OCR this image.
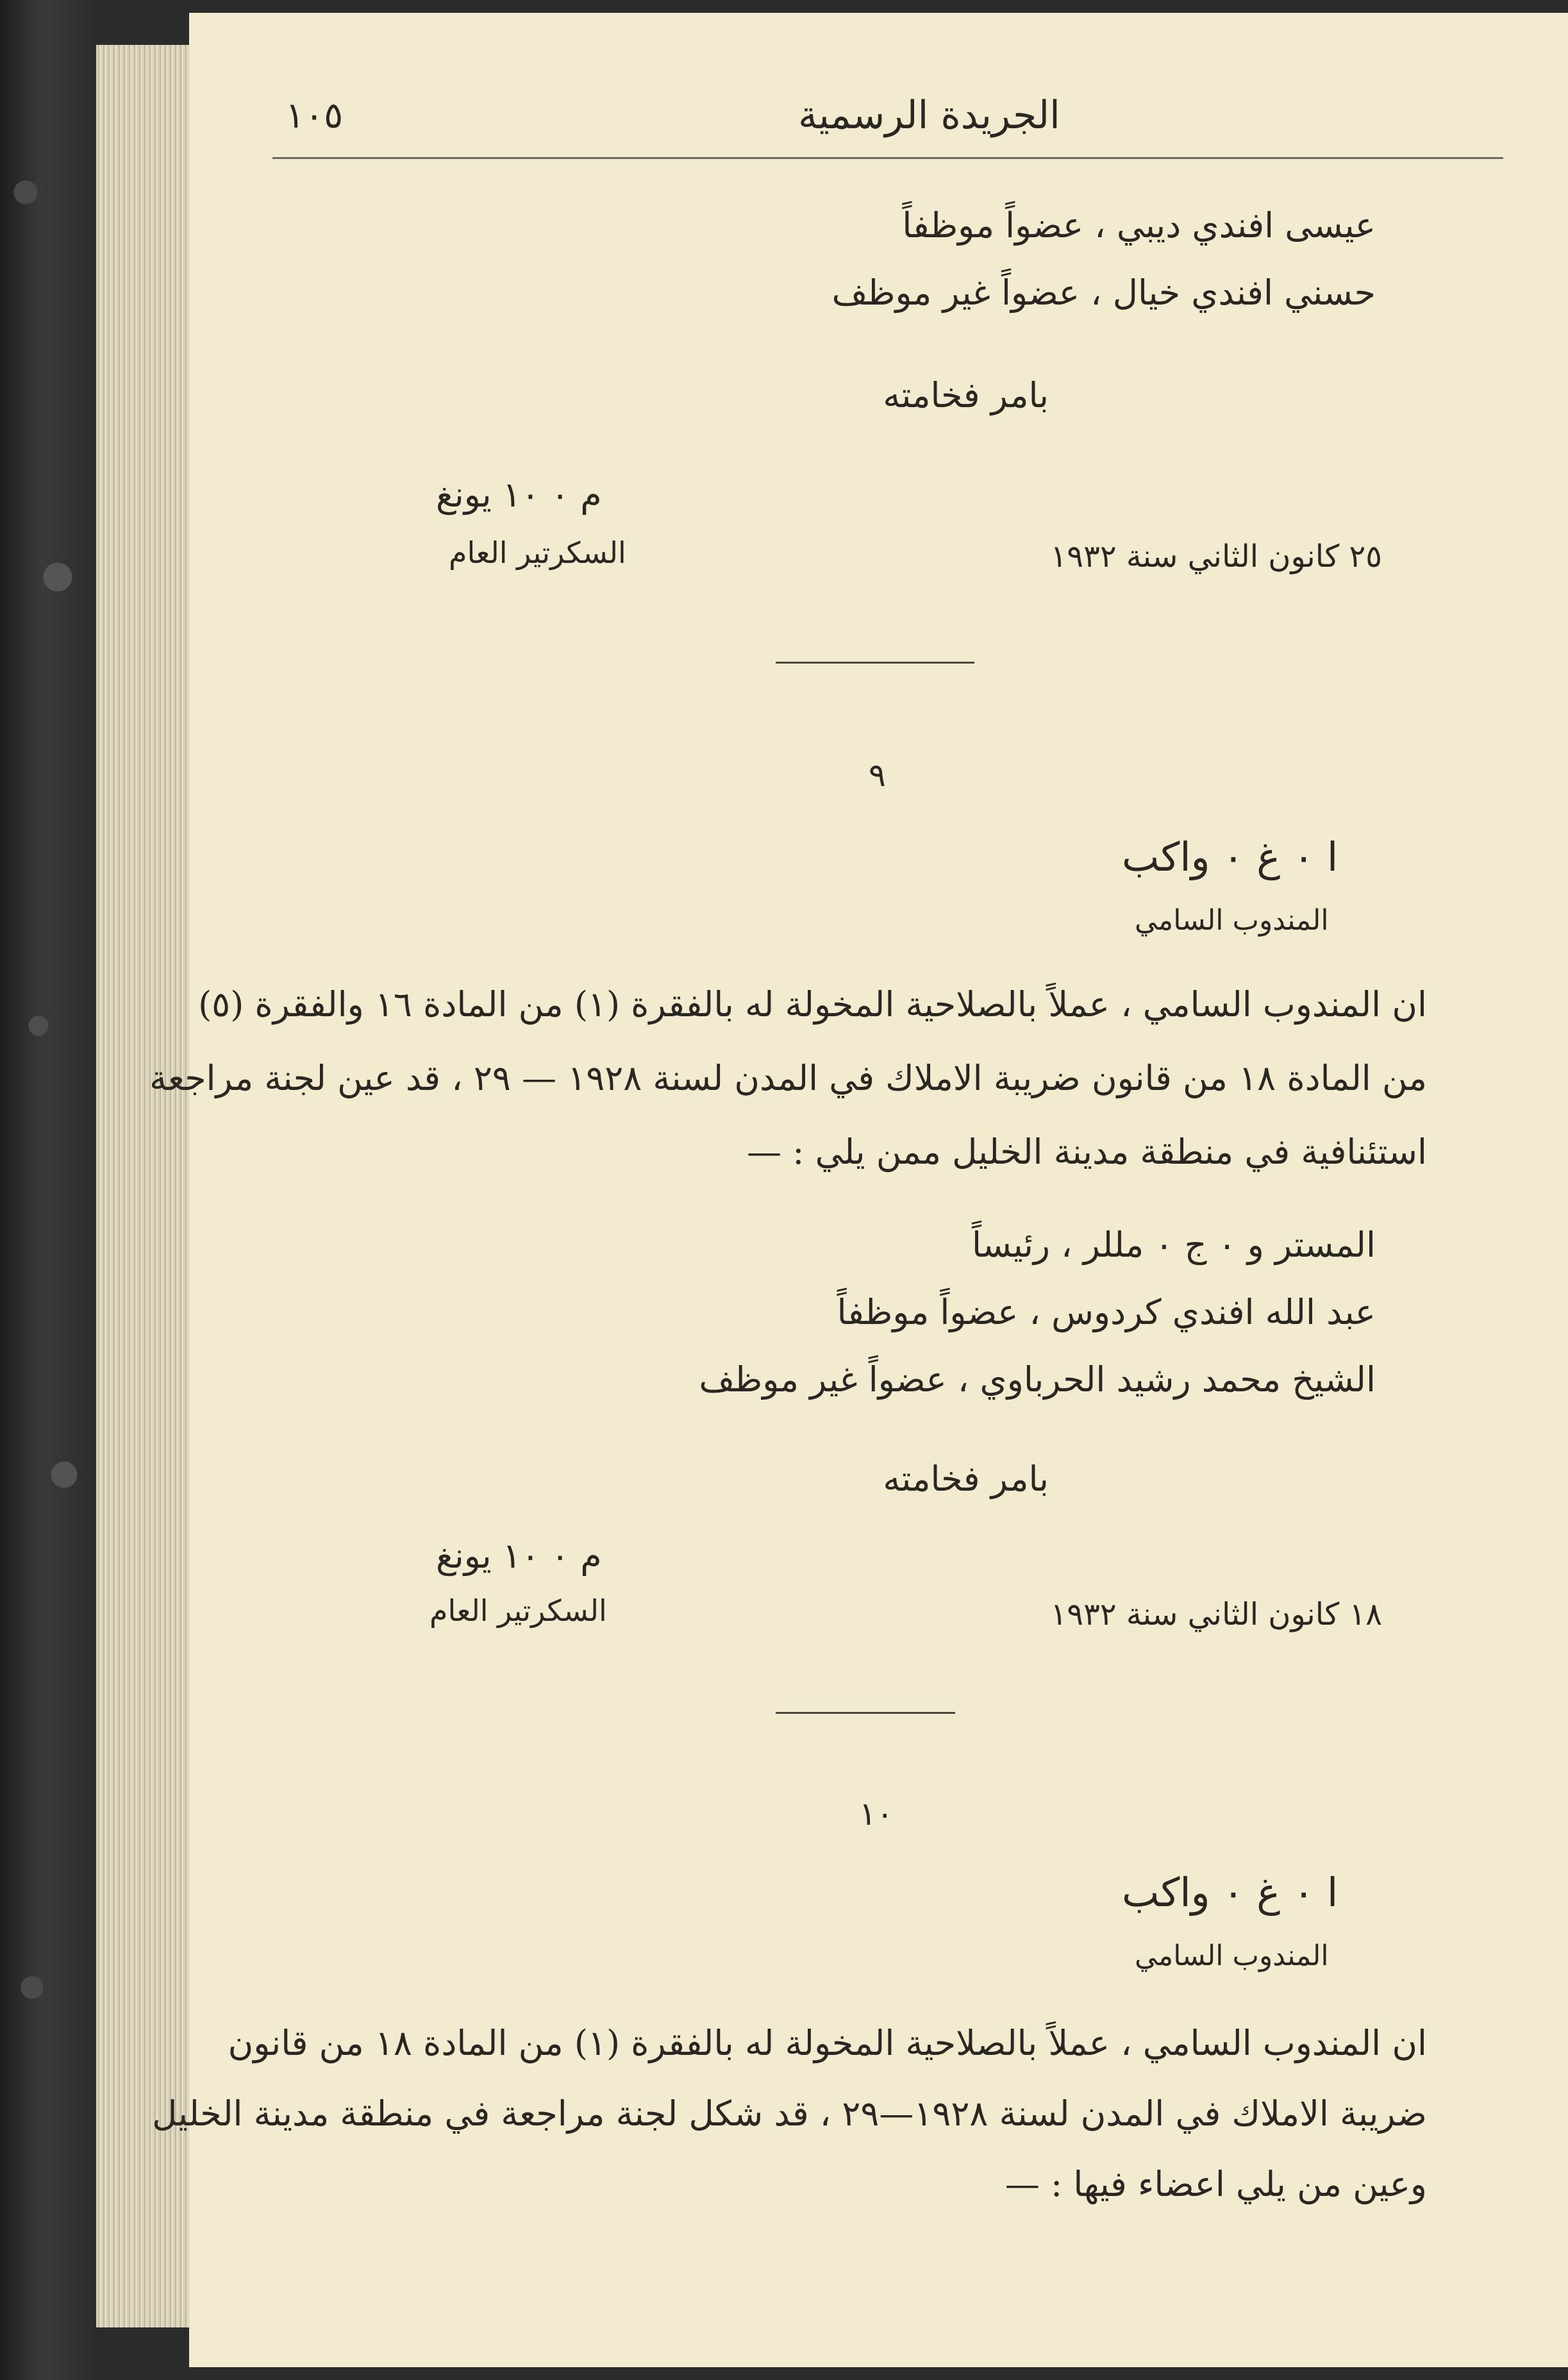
١٠٥	الجريدة الرسمية
عيسى افندي ديبي ، عضواً موظفاً
حسني افندي خيال ، عضواً غير موظف
بامر فخامته
م ٠ ١٠ يونغ
السكرتير العام	٢٥ كانون الثاني سنة ١٩٣٢
٩
ا ٠ غ ٠ واكب
المندوب السامي
ان المندوب السامي ، عملاً بالصلاحية المخولة له بالفقرة (١) من المادة ١٦ والفقرة (٥)
من المادة ١٨ من قانون ضريبة الاملاك في المدن لسنة ١٩٢٨ — ٢٩ ، قد عين لجنة مراجعة
استئنافية في منطقة مدينة الخليل ممن يلي : —
المستر و ٠ ج ٠ مللر ، رئيساً
عبد الله افندي كردوس ، عضواً موظفاً
الشيخ محمد رشيد الحرباوي ، عضواً غير موظف
بامر فخامته
م ٠ ١٠ يونغ
السكرتير العام	١٨ كانون الثاني سنة ١٩٣٢
١٠
ا ٠ غ ٠ واكب
المندوب السامي
ان المندوب السامي ، عملاً بالصلاحية المخولة له بالفقرة (١) من المادة ١٨ من قانون
ضريبة الاملاك في المدن لسنة ١٩٢٨—٢٩ ، قد شكل لجنة مراجعة في منطقة مدينة الخليل
وعين من يلي اعضاء فيها : —
